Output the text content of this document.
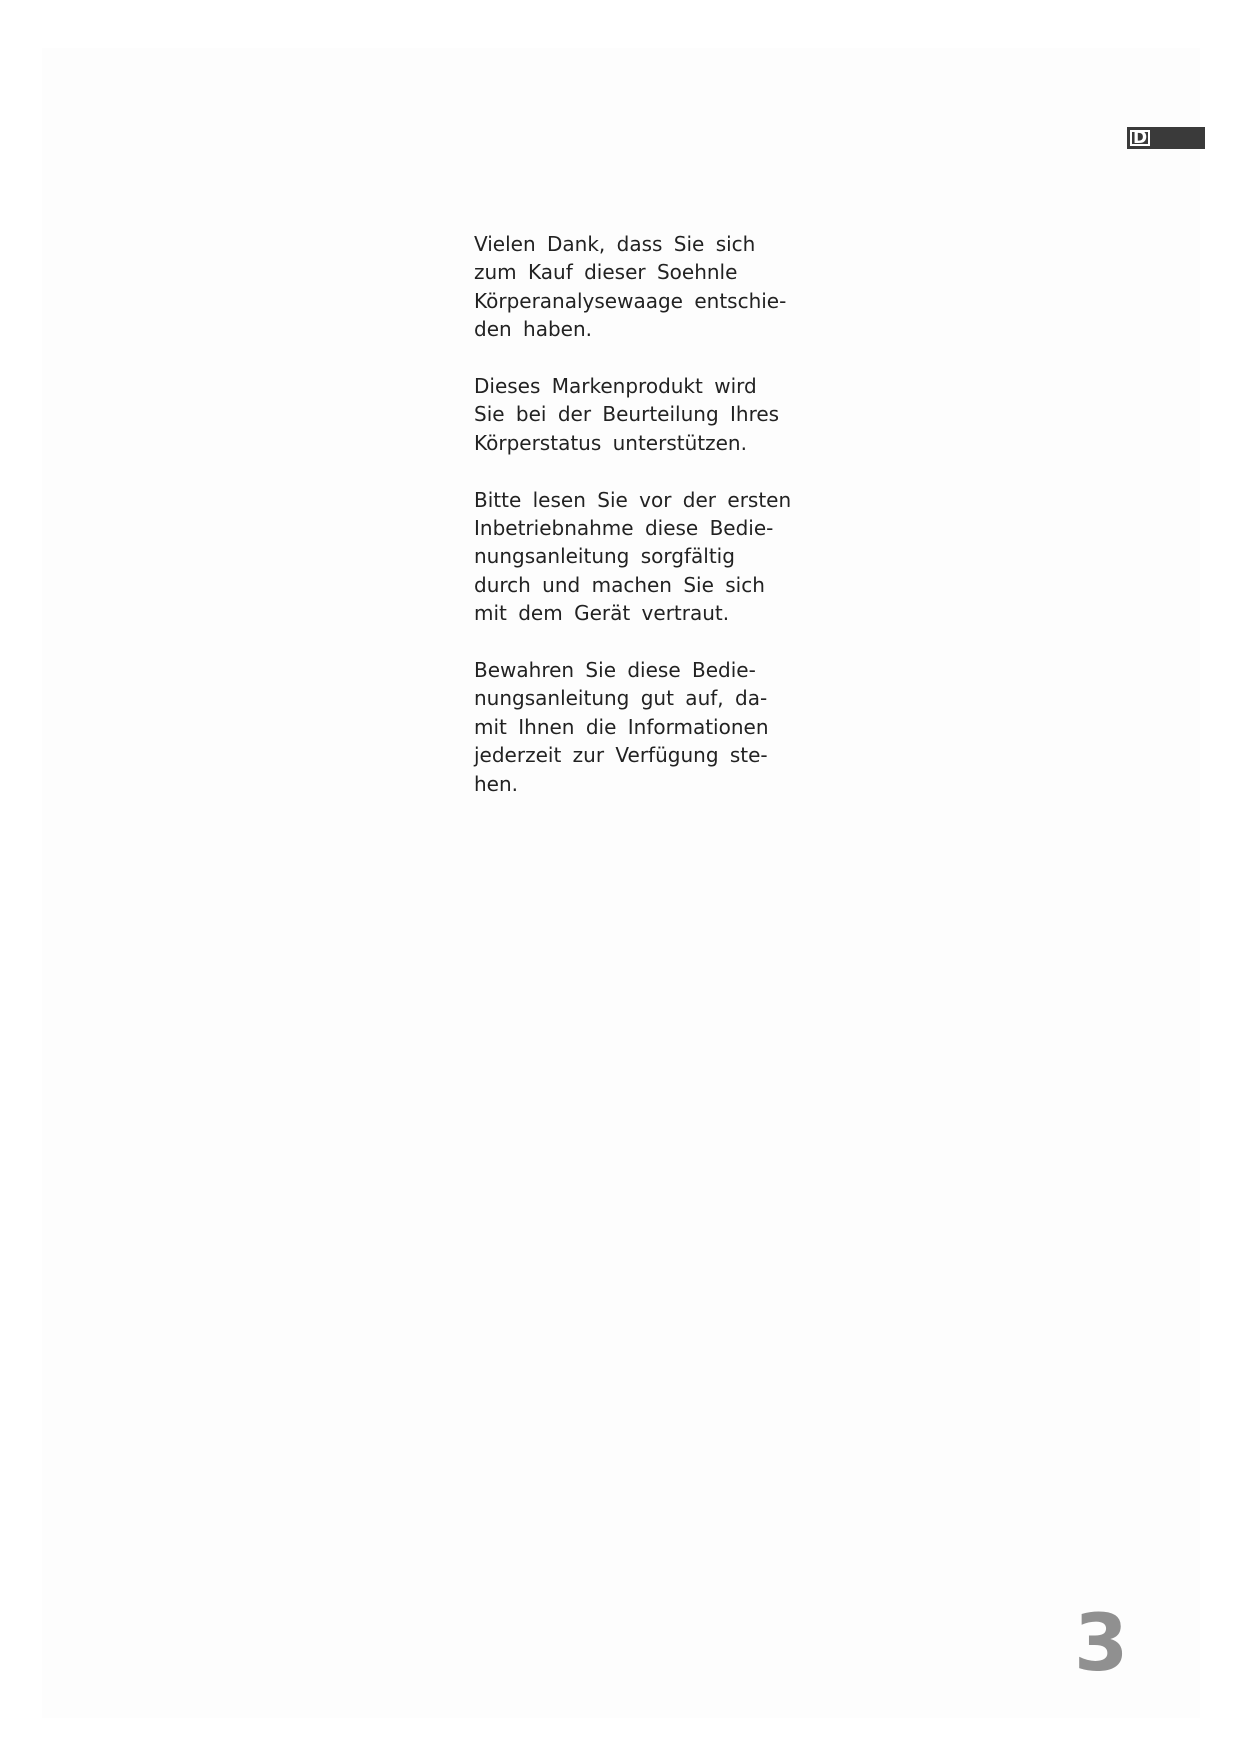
D
Vielen Dank, dass Sie sich
zum Kauf dieser Soehnle
Körperanalysewaage entschie-
den haben.
Dieses Markenprodukt wird
Sie bei der Beurteilung Ihres
Körperstatus unterstützen.
Bitte lesen Sie vor der ersten
Inbetriebnahme diese Bedie-
nungsanleitung sorgfältig
durch und machen Sie sich
mit dem Gerät vertraut.
Bewahren Sie diese Bedie-
nungsanleitung gut auf, da-
mit Ihnen die Informationen
jederzeit zur Verfügung ste-
hen.
3
